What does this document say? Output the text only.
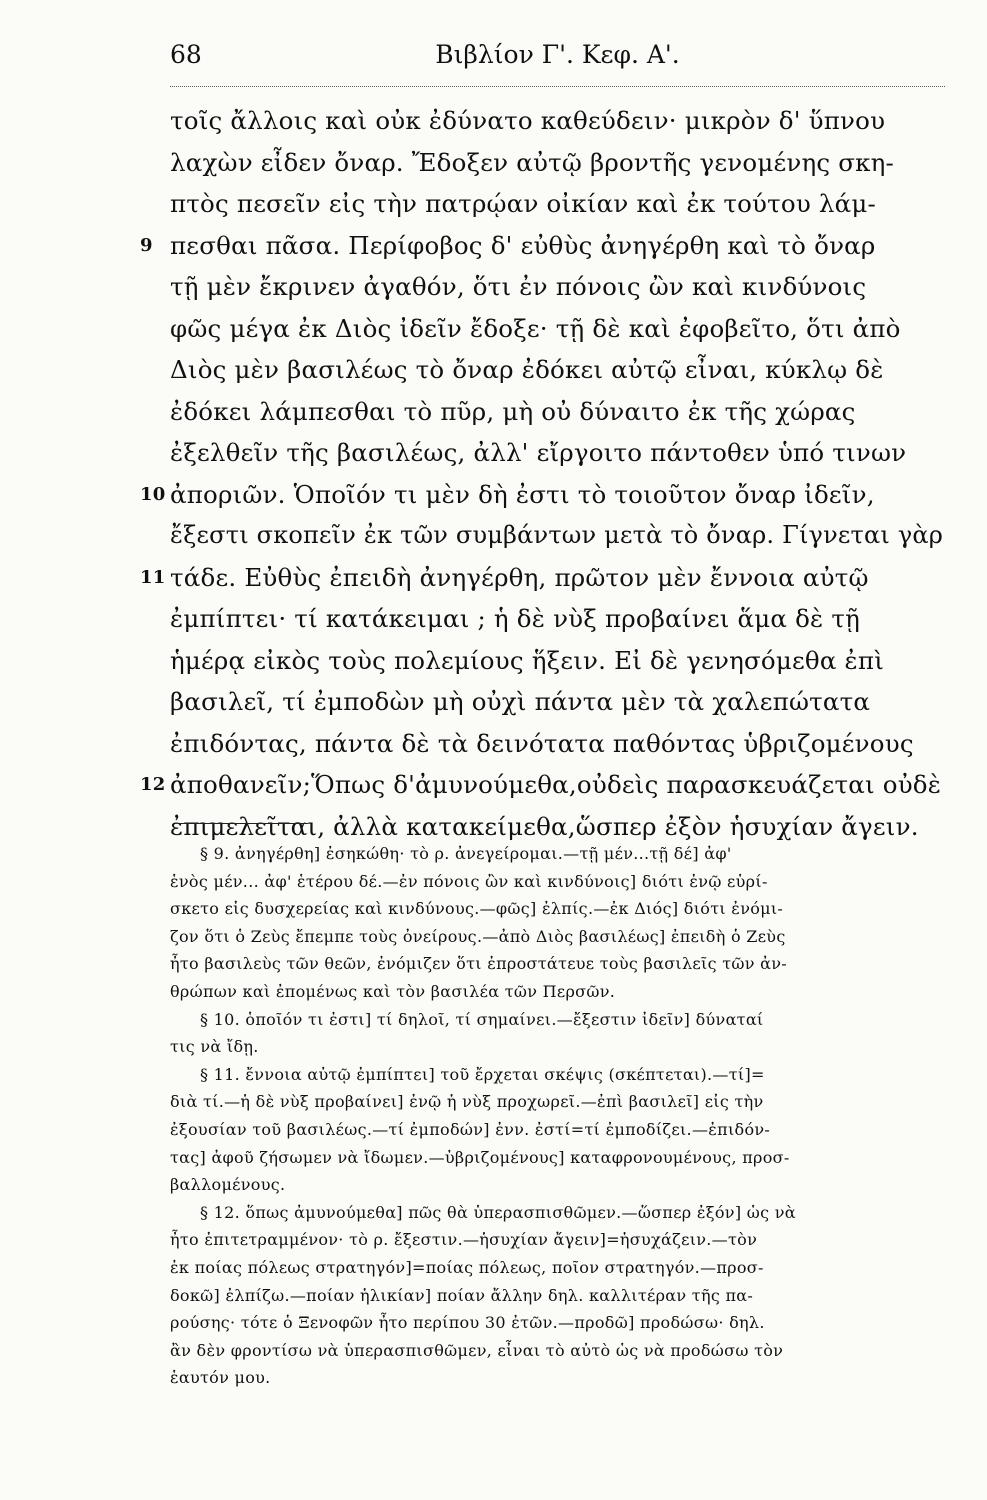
68	Βιβλίον Γ'. Κεφ. Α'.
τοῖς ἄλλοις καὶ οὐκ ἐδύνατο καθεύδειν· μικρὸν δ' ὕπνου
λαχὼν εἶδεν ὄναρ. Ἔδοξεν αὐτῷ βροντῆς γενομένης σκη-
πτὸς πεσεῖν εἰς τὴν πατρῴαν οἰκίαν καὶ ἐκ τούτου λάμ-
9 πεσθαι πᾶσα. Περίφοβος δ' εὐθὺς ἀνηγέρθη καὶ τὸ ὄναρ
τῇ μὲν ἔκρινεν ἀγαθόν, ὅτι ἐν πόνοις ὢν καὶ κινδύνοις
φῶς μέγα ἐκ Διὸς ἰδεῖν ἔδοξε· τῇ δὲ καὶ ἐφοβεῖτο, ὅτι ἀπὸ
Διὸς μὲν βασιλέως τὸ ὄναρ ἐδόκει αὐτῷ εἶναι, κύκλῳ δὲ
ἐδόκει λάμπεσθαι τὸ πῦρ, μὴ οὐ δύναιτο ἐκ τῆς χώρας
ἐξελθεῖν τῆς βασιλέως, ἀλλ' εἴργοιτο πάντοθεν ὑπό τινων
10 ἀποριῶν. Ὁποῖόν τι μὲν δὴ ἐστι τὸ τοιοῦτον ὄναρ ἰδεῖν,
ἔξεστι σκοπεῖν ἐκ τῶν συμβάντων μετὰ τὸ ὄναρ. Γίγνεται γὰρ
11 τάδε. Εὐθὺς ἐπειδὴ ἀνηγέρθη, πρῶτον μὲν ἔννοια αὐτῷ
ἐμπίπτει· τί κατάκειμαι ; ἡ δὲ νὺξ προβαίνει ἅμα δὲ τῇ
ἡμέρᾳ εἰκὸς τοὺς πολεμίους ἥξειν. Εἰ δὲ γενησόμεθα ἐπὶ
βασιλεῖ, τί ἐμποδὼν μὴ οὐχὶ πάντα μὲν τὰ χαλεπώτατα
ἐπιδόντας, πάντα δὲ τὰ δεινότατα παθόντας ὑβριζομένους
12 ἀποθανεῖν;Ὅπως δ'ἀμυνούμεθα,οὐδεὶς παρασκευάζεται οὐδὲ
ἐπιμελεῖται, ἀλλὰ κατακείμεθα,ὥσπερ ἐξὸν ἡσυχίαν ἄγειν.
§ 9. ἀνηγέρθη] ἐσηκώθη· τὸ ρ. ἀνεγείρομαι.—τῇ μέν...τῇ δέ] ἀφ'
ἑνὸς μέν... ἀφ' ἑτέρου δέ.—ἐν πόνοις ὢν καὶ κινδύνοις] διότι ἐνῷ εὑρί-
σκετο εἰς δυσχερείας καὶ κινδύνους.—φῶς] ἐλπίς.—ἐκ Διός] διότι ἐνόμι-
ζον ὅτι ὁ Ζεὺς ἔπεμπε τοὺς ὀνείρους.—ἀπὸ Διὸς βασιλέως] ἐπειδὴ ὁ Ζεὺς
ἦτο βασιλεὺς τῶν θεῶν, ἐνόμιζεν ὅτι ἐπροστάτευε τοὺς βασιλεῖς τῶν ἀν-
θρώπων καὶ ἐπομένως καὶ τὸν βασιλέα τῶν Περσῶν.
§ 10. ὁποῖόν τι ἐστι] τί δηλοῖ, τί σημαίνει.—ἔξεστιν ἰδεῖν] δύναταί
τις νὰ ἴδῃ.
§ 11. ἔννοια αὐτῷ ἐμπίπτει] τοῦ ἔρχεται σκέψις (σκέπτεται).—τί]=
διὰ τί.—ἡ δὲ νὺξ προβαίνει] ἐνῷ ἡ νὺξ προχωρεῖ.—ἐπὶ βασιλεῖ] εἰς τὴν
ἐξουσίαν τοῦ βασιλέως.—τί ἐμποδών] ἐνν. ἐστί=τί ἐμποδίζει.—ἐπιδόν-
τας] ἀφοῦ ζήσωμεν νὰ ἴδωμεν.—ὑβριζομένους] καταφρονουμένους, προσ-
βαλλομένους.
§ 12. ὅπως ἀμυνούμεθα] πῶς θὰ ὑπερασπισθῶμεν.—ὥσπερ ἐξόν] ὡς νὰ
ἦτο ἐπιτετραμμένον· τὸ ρ. ἔξεστιν.—ἡσυχίαν ἄγειν]=ἡσυχάζειν.—τὸν
ἐκ ποίας πόλεως στρατηγόν]=ποίας πόλεως, ποῖον στρατηγόν.—προσ-
δοκῶ] ἐλπίζω.—ποίαν ἡλικίαν] ποίαν ἄλλην δηλ. καλλιτέραν τῆς πα-
ρούσης· τότε ὁ Ξενοφῶν ἦτο περίπου 30 ἐτῶν.—προδῶ] προδώσω· δηλ.
ἂν δὲν φροντίσω νὰ ὑπερασπισθῶμεν, εἶναι τὸ αὐτὸ ὡς νὰ προδώσω τὸν
ἑαυτόν μου.
